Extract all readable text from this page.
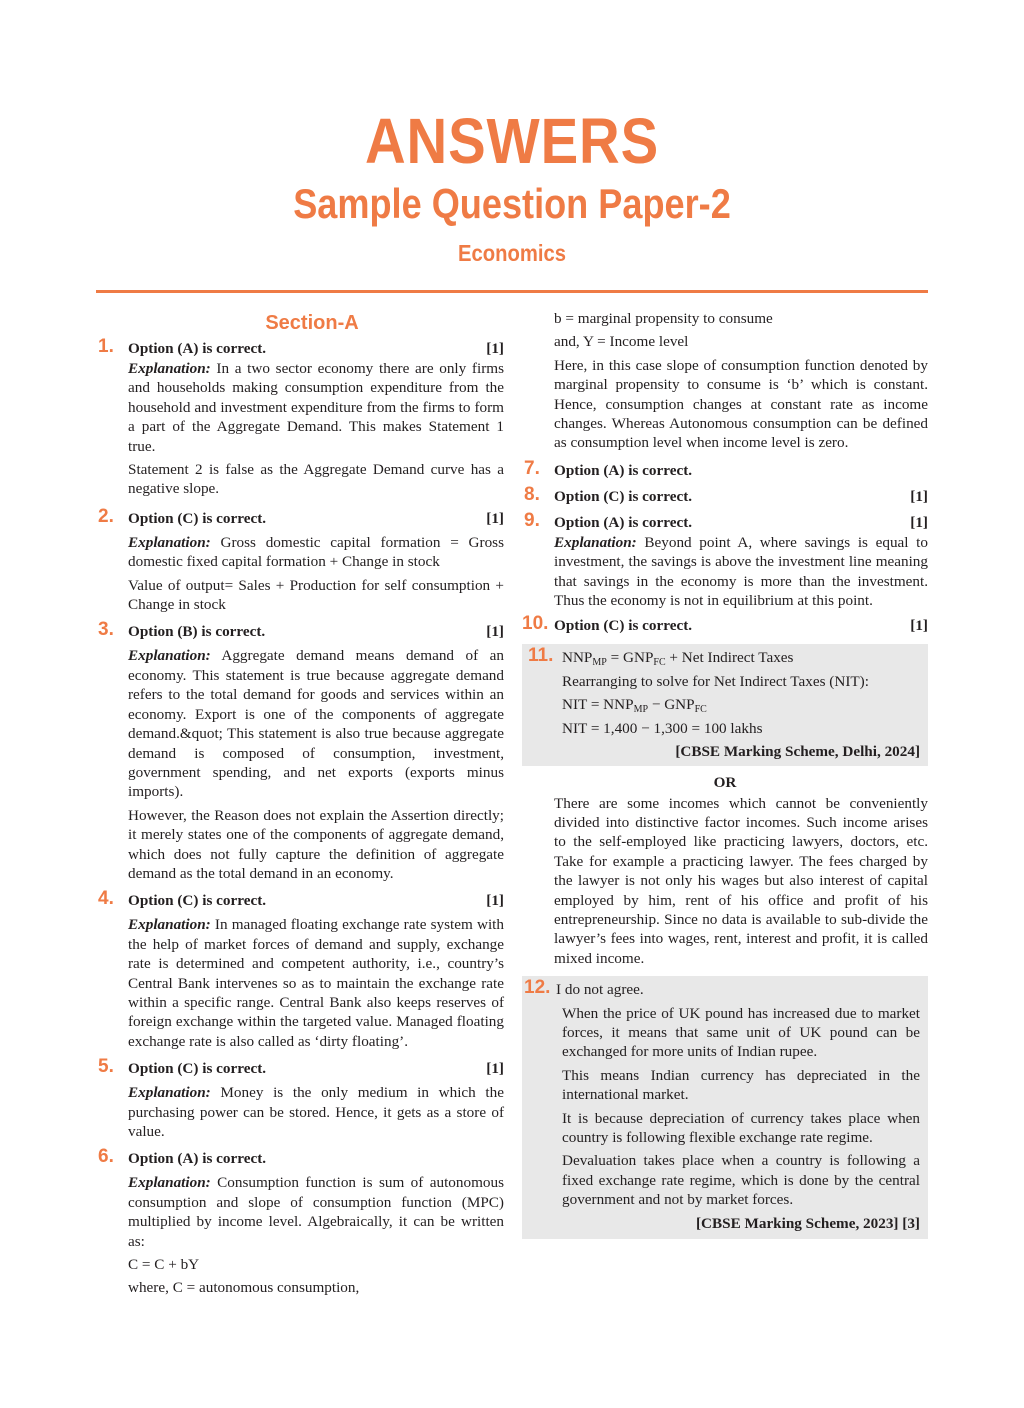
ANSWERS
Sample Question Paper-2
Economics
Section-A
1. Option (A) is correct.	[1]
Explanation: In a two sector economy there are only firms and households making consumption expenditure from the household and investment expenditure from the firms to form a part of the Aggregate Demand. This makes Statement 1 true.
Statement 2 is false as the Aggregate Demand curve has a negative slope.
2. Option (C) is correct.	[1]
Explanation: Gross domestic capital formation = Gross domestic fixed capital formation + Change in stock
Value of output= Sales + Production for self consumption + Change in stock
3. Option (B) is correct.	[1]
Explanation: Aggregate demand means demand of an economy. This statement is true because aggregate demand refers to the total demand for goods and services within an economy. Export is one of the components of aggregate demand.&quot; This statement is also true because aggregate demand is composed of consumption, investment, government spending, and net exports (exports minus imports).
However, the Reason does not explain the Assertion directly; it merely states one of the components of aggregate demand, which does not fully capture the definition of aggregate demand as the total demand in an economy.
4. Option (C) is correct.	[1]
Explanation: In managed floating exchange rate system with the help of market forces of demand and supply, exchange rate is determined and competent authority, i.e., country’s Central Bank intervenes so as to maintain the exchange rate within a specific range. Central Bank also keeps reserves of foreign exchange within the targeted value. Managed floating exchange rate is also called as ‘dirty floating’.
5. Option (C) is correct.	[1]
Explanation: Money is the only medium in which the purchasing power can be stored. Hence, it gets as a store of value.
6. Option (A) is correct.
Explanation: Consumption function is sum of autonomous consumption and slope of consumption function (MPC) multiplied by income level. Algebraically, it can be written as:
C = C + bY
where, C = autonomous consumption,
b = marginal propensity to consume
and, Y = Income level
Here, in this case slope of consumption function denoted by marginal propensity to consume is ‘b’ which is constant. Hence, consumption changes at constant rate as income changes. Whereas Autonomous consumption can be defined as consumption level when income level is zero.
7. Option (A) is correct.
8. Option (C) is correct.	[1]
9. Option (A) is correct.	[1]
Explanation: Beyond point A, where savings is equal to investment, the savings is above the investment line meaning that savings in the economy is more than the investment. Thus the economy is not in equilibrium at this point.
10. Option (C) is correct.	[1]
11. $NNP_{MP} = GNP_{FC}$ + Net Indirect Taxes
Rearranging to solve for Net Indirect Taxes (NIT):
NIT = $NNP_{MP} - GNP_{FC}$
NIT = 1,400 − 1,300 = 100 lakhs
[CBSE Marking Scheme, Delhi, 2024]
OR
There are some incomes which cannot be conveniently divided into distinctive factor incomes. Such income arises to the self-employed like practicing lawyers, doctors, etc. Take for example a practicing lawyer. The fees charged by the lawyer is not only his wages but also interest of capital employed by him, rent of his office and profit of his entrepreneurship. Since no data is available to sub-divide the lawyer’s fees into wages, rent, interest and profit, it is called mixed income.
12. I do not agree.
When the price of UK pound has increased due to market forces, it means that same unit of UK pound can be exchanged for more units of Indian rupee.
This means Indian currency has depreciated in the international market.
It is because depreciation of currency takes place when country is following flexible exchange rate regime.
Devaluation takes place when a country is following a fixed exchange rate regime, which is done by the central government and not by market forces.
[CBSE Marking Scheme, 2023] [3]
